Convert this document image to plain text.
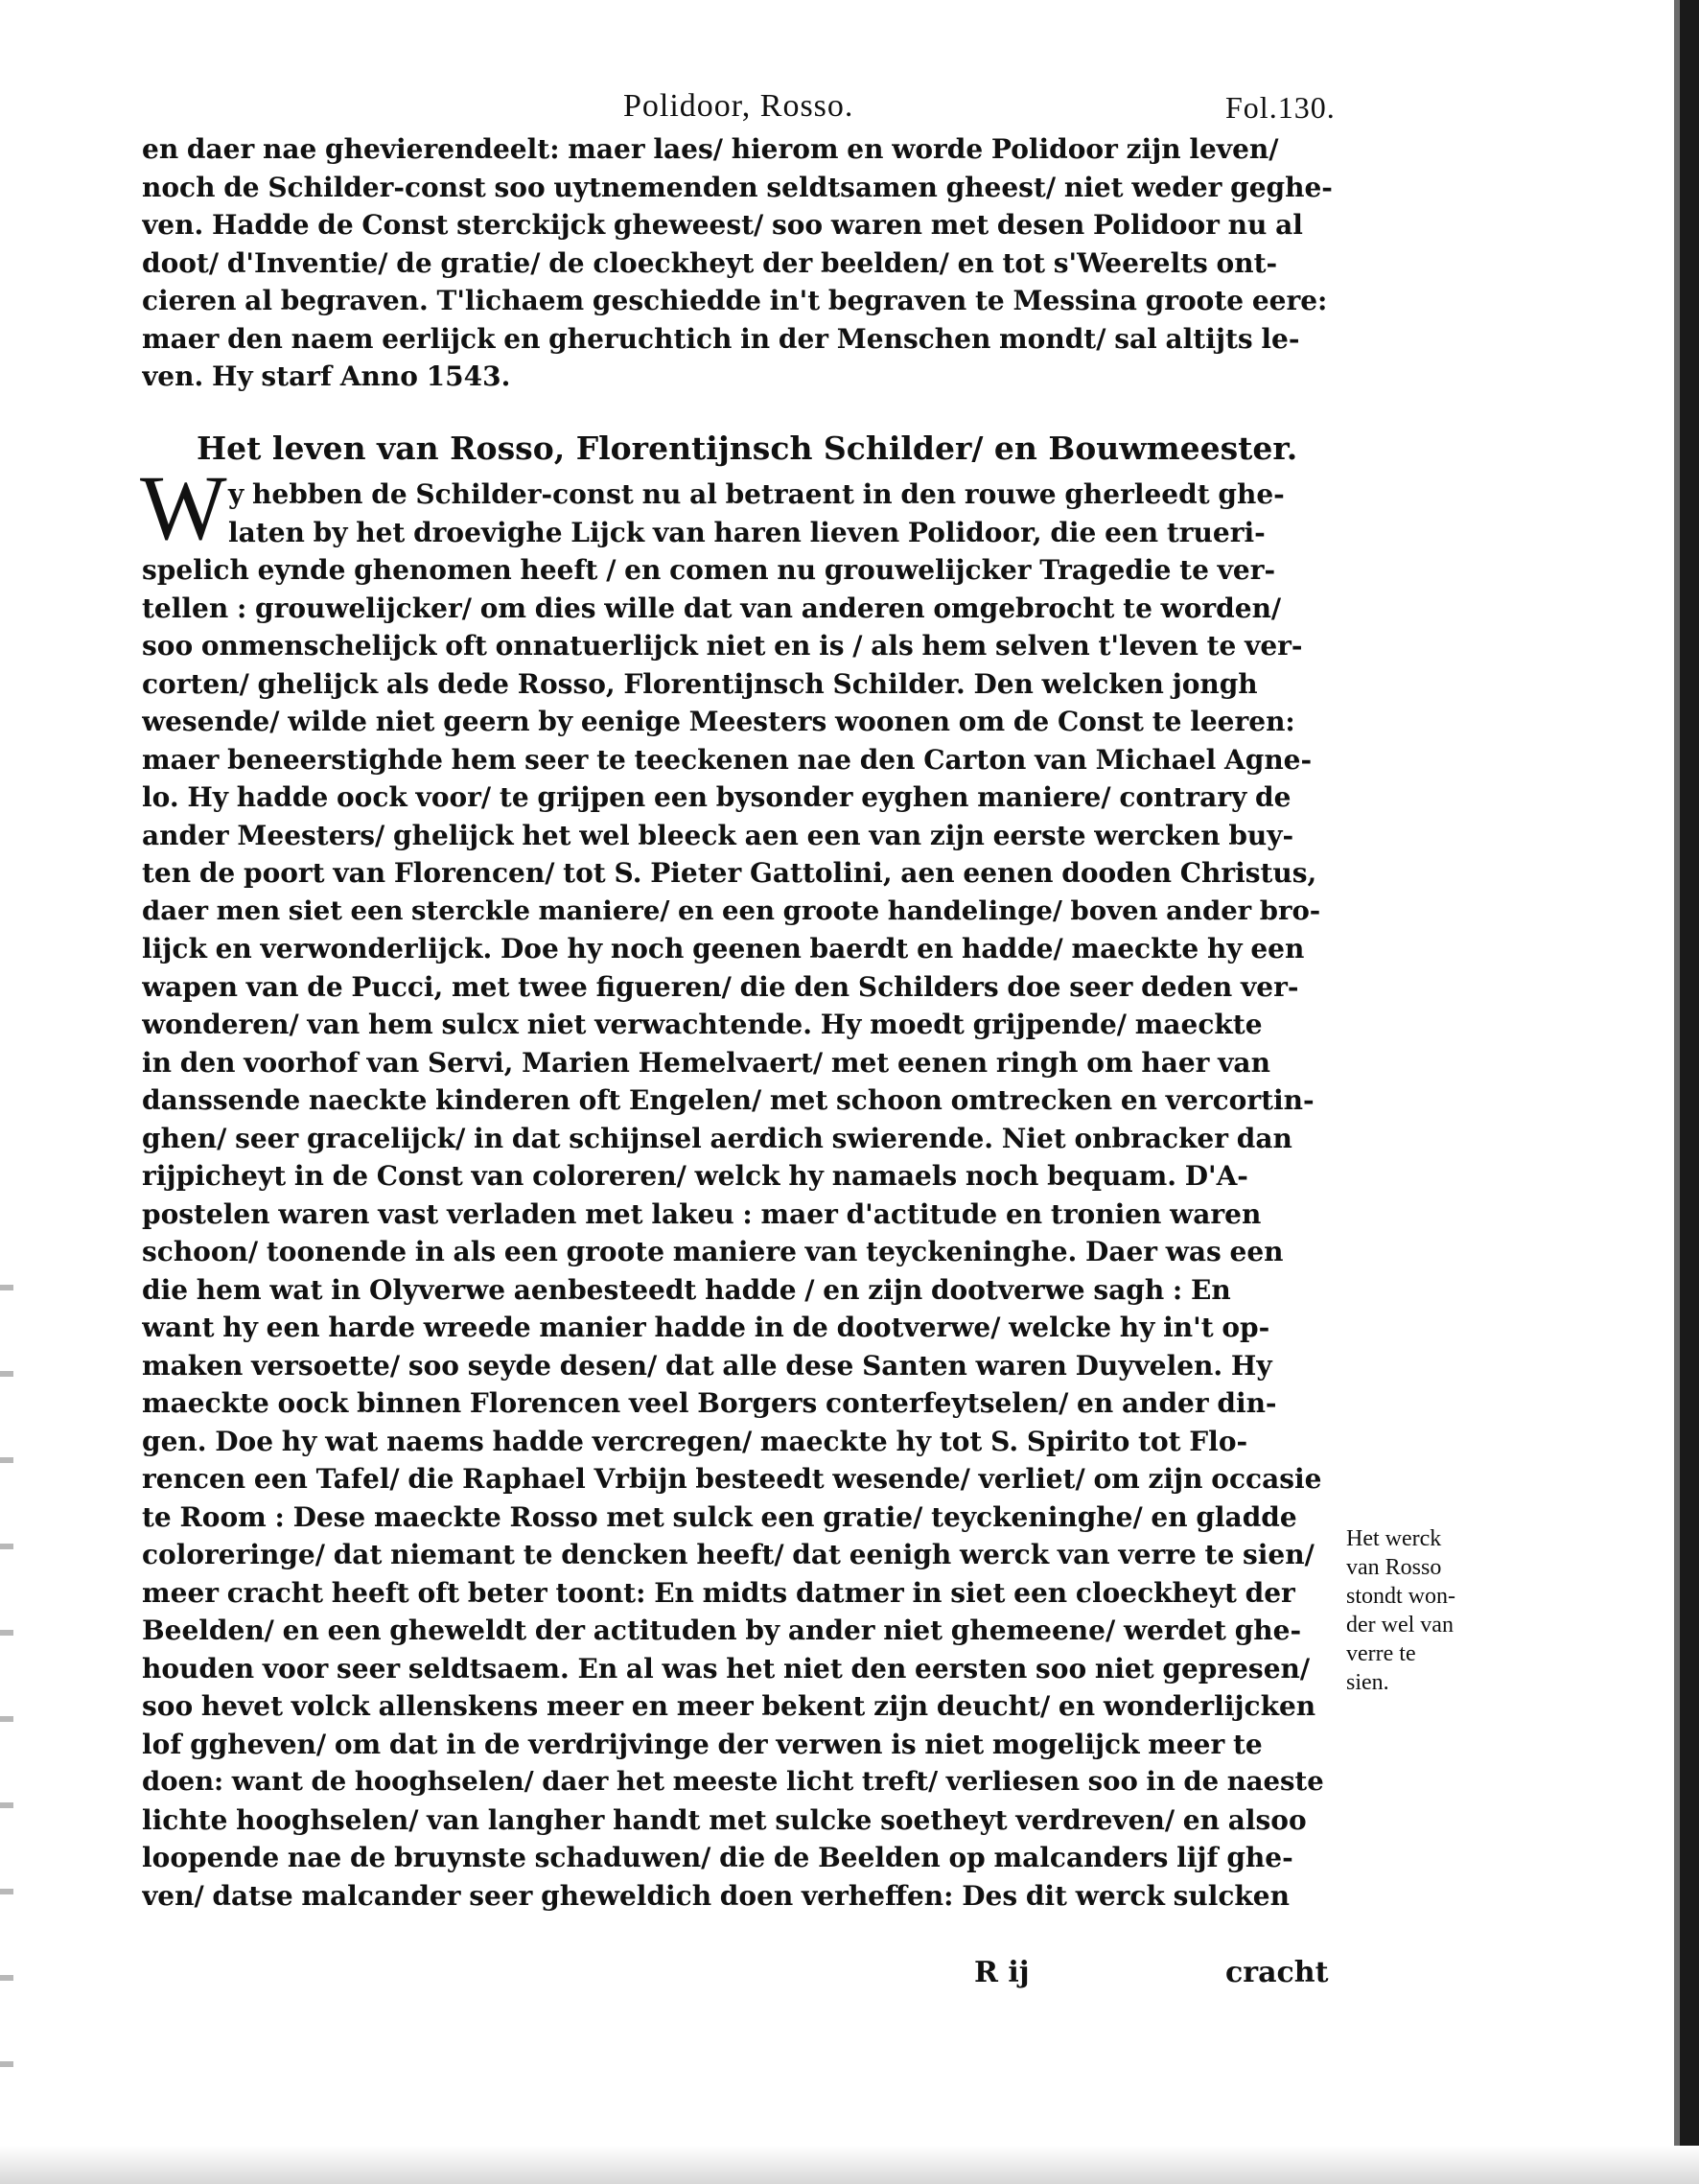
Polidoor, Rosso.	Fol.130.
en daer nae ghevierendeelt: maer laes/ hierom en worde Polidoor zijn leven/
noch de Schilder-const soo uytnemenden seldtsamen gheest/ niet weder geghe-
ven. Hadde de Const sterckijck gheweest/ soo waren met desen Polidoor nu al
doot/ d'Inventie/ de gratie/ de cloeckheyt der beelden/ en tot s'Weerelts ont-
cieren al begraven. T'lichaem geschiedde in't begraven te Messina groote eere:
maer den naem eerlijck en gheruchtich in der Menschen mondt/ sal altijts le-
ven. Hy starf Anno 1543.
Het leven van Rosso, Florentijnsch Schilder/ en Bouwmeester.
W y hebben de Schilder-const nu al betraent in den rouwe gherleedt ghe-
laten by het droevighe Lijck van haren lieven Polidoor, die een trueri-
spelich eynde ghenomen heeft / en comen nu grouwelijcker Tragedie te ver-
tellen : grouwelijcker/ om dies wille dat van anderen omgebrocht te worden/
soo onmenschelijck oft onnatuerlijck niet en is / als hem selven t'leven te ver-
corten/ ghelijck als dede Rosso, Florentijnsch Schilder. Den welcken jongh
wesende/ wilde niet geern by eenige Meesters woonen om de Const te leeren:
maer beneerstighde hem seer te teeckenen nae den Carton van Michael Agne-
lo. Hy hadde oock voor/ te grijpen een bysonder eyghen maniere/ contrary de
ander Meesters/ ghelijck het wel bleeck aen een van zijn eerste wercken buy-
ten de poort van Florencen/ tot S. Pieter Gattolini, aen eenen dooden Christus,
daer men siet een sterckle maniere/ en een groote handelinge/ boven ander bro-
lijck en verwonderlijck. Doe hy noch geenen baerdt en hadde/ maeckte hy een
wapen van de Pucci, met twee figueren/ die den Schilders doe seer deden ver-
wonderen/ van hem sulcx niet verwachtende. Hy moedt grijpende/ maeckte
in den voorhof van Servi, Marien Hemelvaert/ met eenen ringh om haer van
danssende naeckte kinderen oft Engelen/ met schoon omtrecken en vercortin-
ghen/ seer gracelijck/ in dat schijnsel aerdich swierende. Niet onbracker dan
rijpicheyt in de Const van coloreren/ welck hy namaels noch bequam. D'A-
postelen waren vast verladen met lakeu : maer d'actitude en tronien waren
schoon/ toonende in als een groote maniere van teyckeninghe. Daer was een
die hem wat in Olyverwe aenbesteedt hadde / en zijn dootverwe sagh : En
want hy een harde wreede manier hadde in de dootverwe/ welcke hy in't op-
maken versoette/ soo seyde desen/ dat alle dese Santen waren Duyvelen. Hy
maeckte oock binnen Florencen veel Borgers conterfeytselen/ en ander din-
gen. Doe hy wat naems hadde vercregen/ maeckte hy tot S. Spirito tot Flo-
rencen een Tafel/ die Raphael Vrbijn besteedt wesende/ verliet/ om zijn occasie
te Room : Dese maeckte Rosso met sulck een gratie/ teyckeninghe/ en gladde
coloreringe/ dat niemant te dencken heeft/ dat eenigh werck van verre te sien/
meer cracht heeft oft beter toont: En midts datmer in siet een cloeckheyt der
Beelden/ en een gheweldt der actituden by ander niet ghemeene/ werdet ghe-
houden voor seer seldtsaem. En al was het niet den eersten soo niet gepresen/
soo hevet volck allenskens meer en meer bekent zijn deucht/ en wonderlijcken
lof ggheven/ om dat in de verdrijvinge der verwen is niet mogelijck meer te
doen: want de hooghselen/ daer het meeste licht treft/ verliesen soo in de naeste
lichte hooghselen/ van langher handt met sulcke soetheyt verdreven/ en alsoo
loopende nae de bruynste schaduwen/ die de Beelden op malcanders lijf ghe-
ven/ datse malcander seer gheweldich doen verheffen: Des dit werck sulcken
Het werck
van Rosso
stondt won-
der wel van
verre te
sien.
R ij	cracht
